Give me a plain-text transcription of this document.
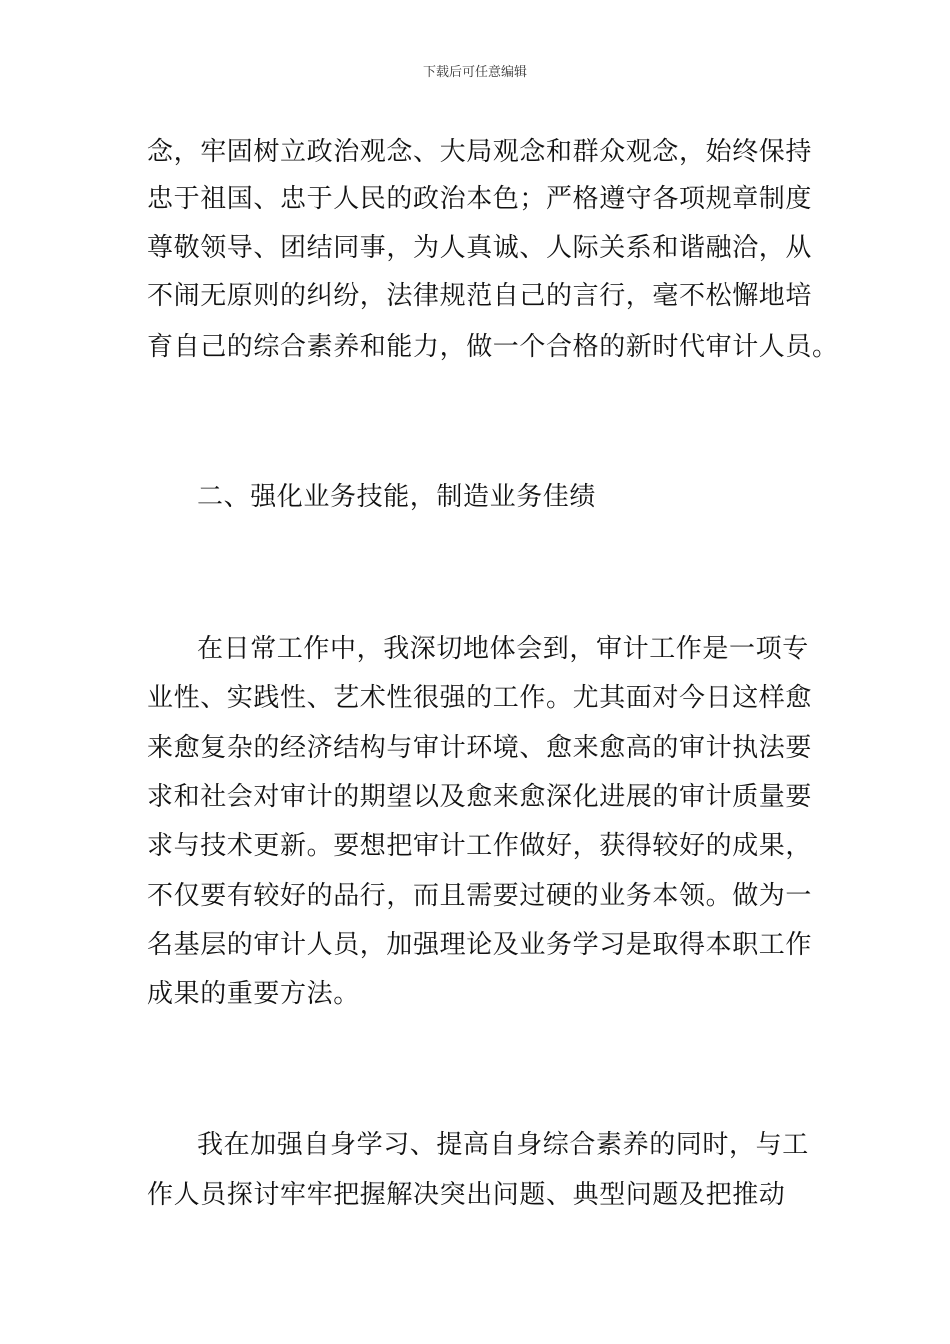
下载后可任意编辑
念，牢固树立政治观念、大局观念和群众观念，始终保持
忠于祖国、忠于人民的政治本色；严格遵守各项规章制度
尊敬领导、团结同事，为人真诚、人际关系和谐融洽，从
不闹无原则的纠纷，法律规范自己的言行，毫不松懈地培
育自己的综合素养和能力，做一个合格的新时代审计人员。
二、强化业务技能，制造业务佳绩
在日常工作中，我深切地体会到，审计工作是一项专
业性、实践性、艺术性很强的工作。尤其面对今日这样愈
来愈复杂的经济结构与审计环境、愈来愈高的审计执法要
求和社会对审计的期望以及愈来愈深化进展的审计质量要
求与技术更新。要想把审计工作做好，获得较好的成果，
不仅要有较好的品行，而且需要过硬的业务本领。做为一
名基层的审计人员，加强理论及业务学习是取得本职工作
成果的重要方法。
我在加强自身学习、提高自身综合素养的同时，与工
作人员探讨牢牢把握解决突出问题、典型问题及把推动
